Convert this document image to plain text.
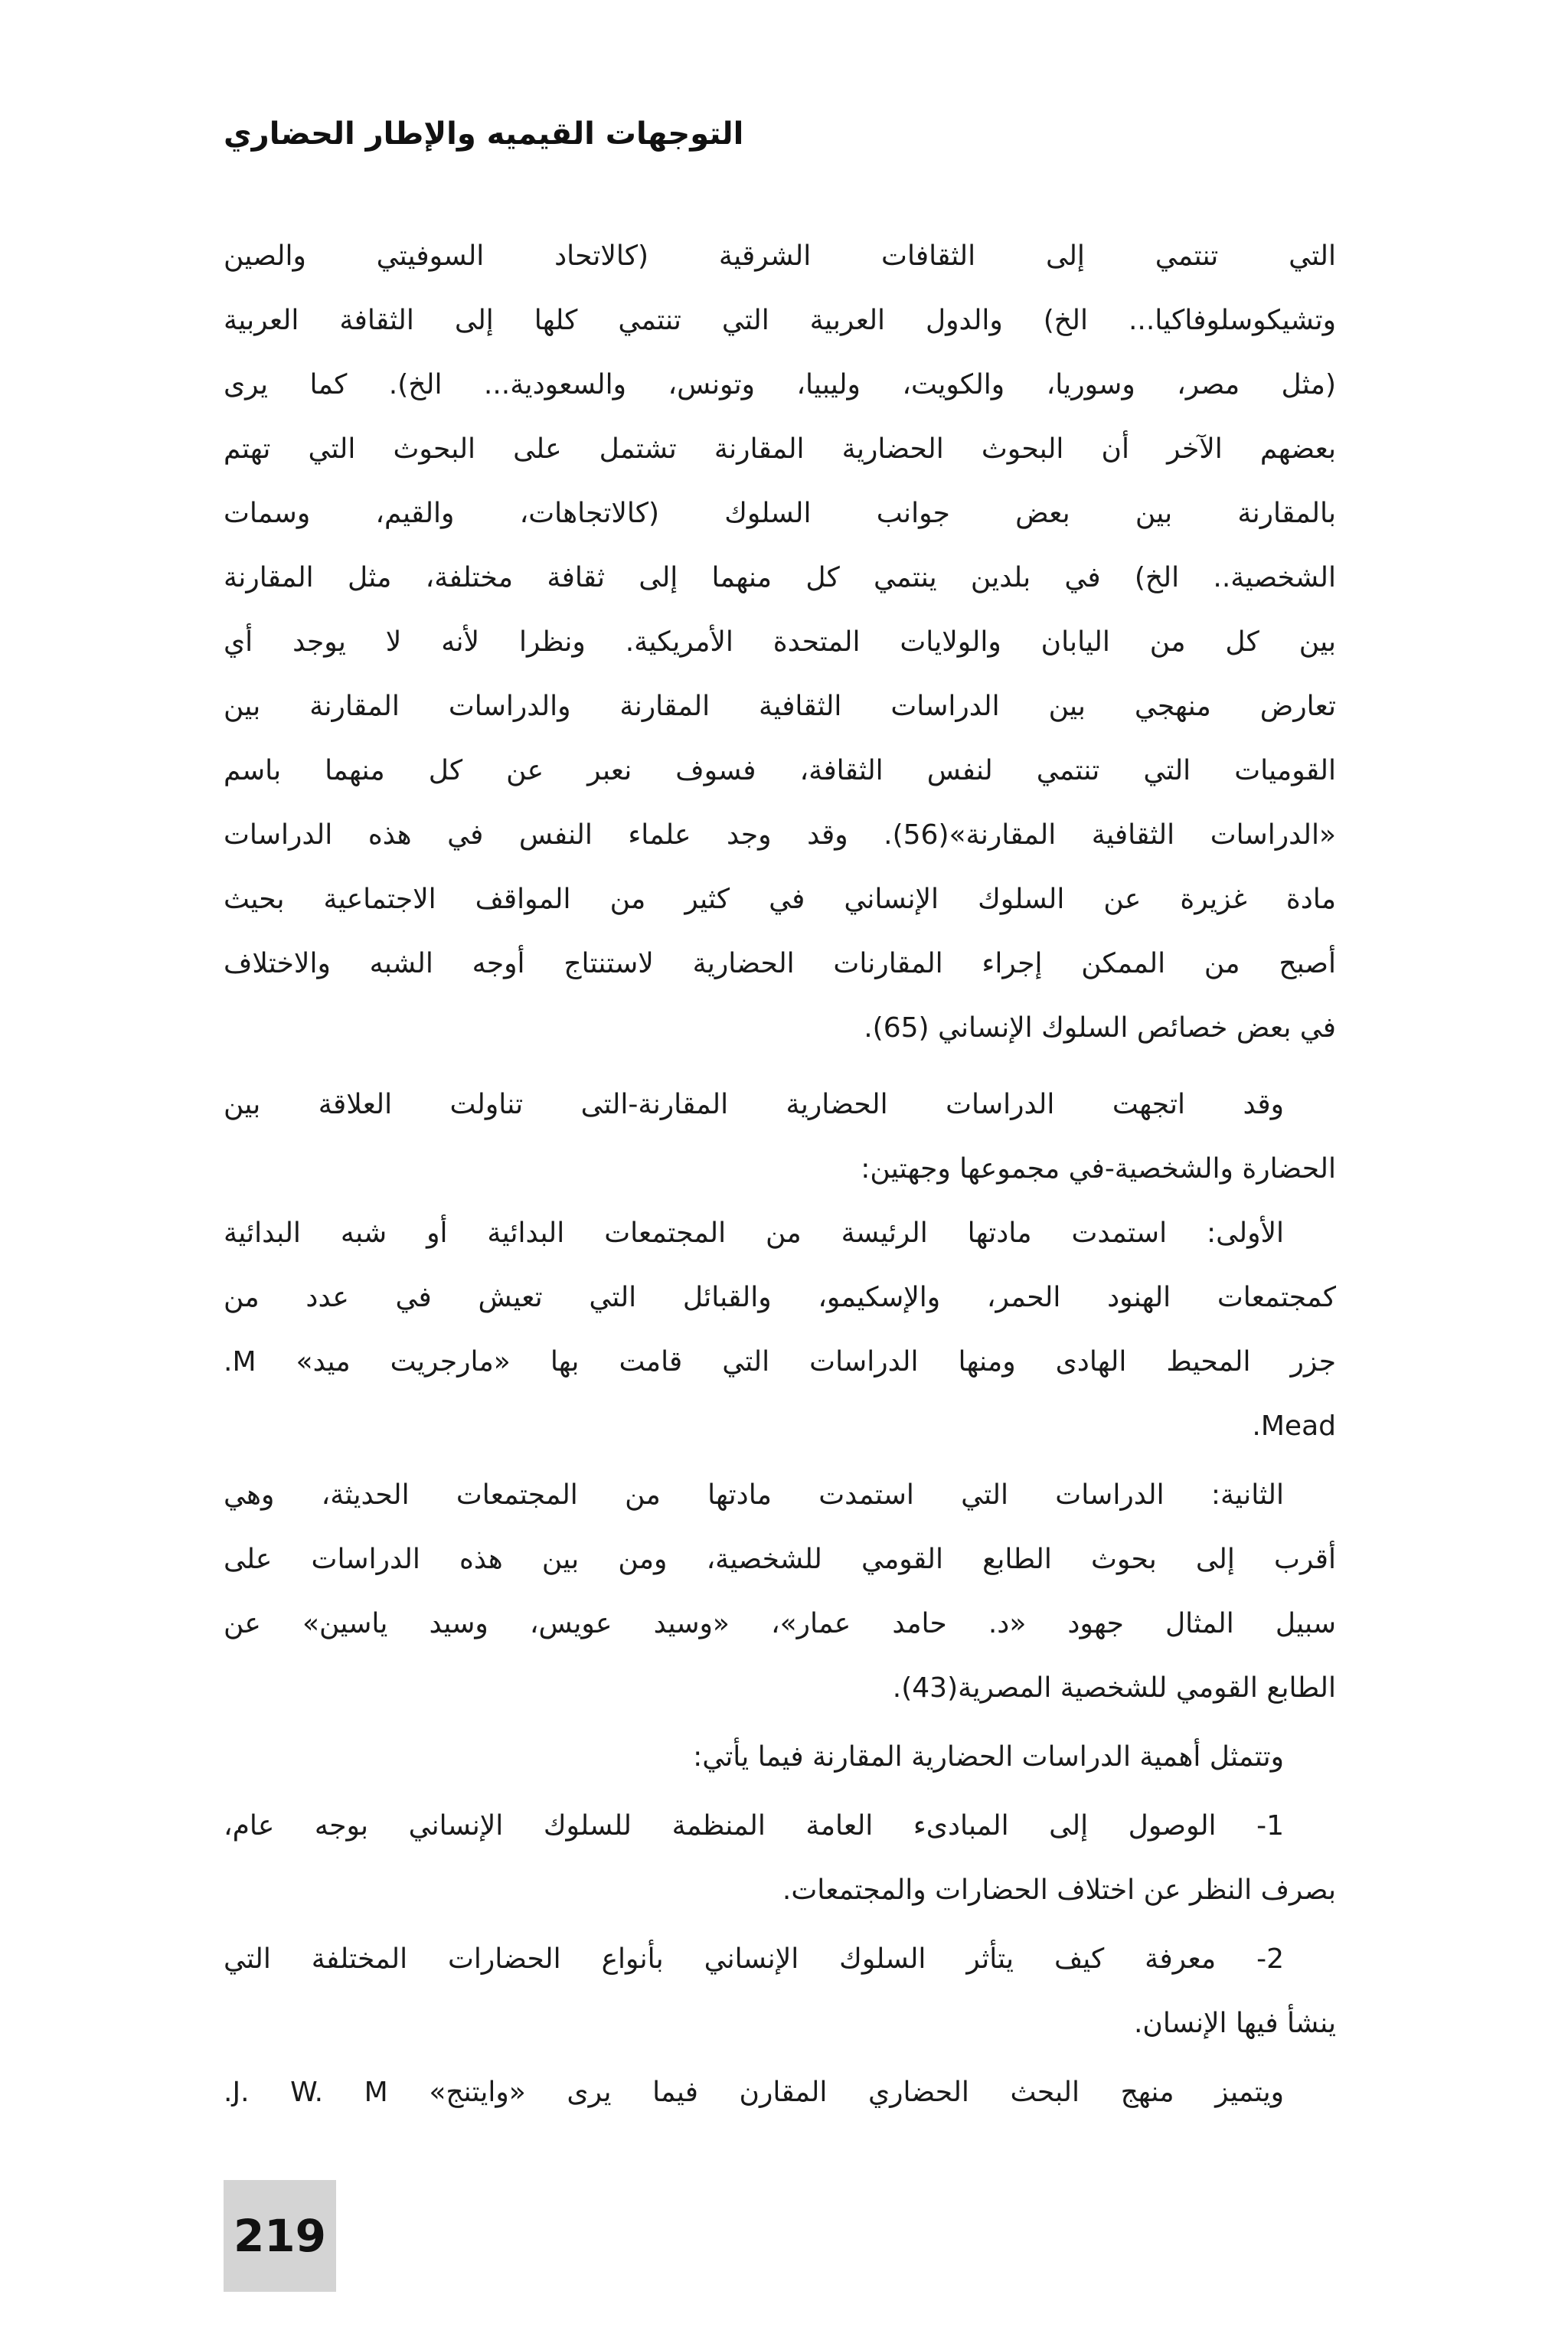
التوجهات القيميه والإطار الحضاري
التي تنتمي إلى الثقافات الشرقية (كالاتحاد السوفيتي والصين
وتشيكوسلوفاكيا... الخ) والدول العربية التي تنتمي كلها إلى الثقافة العربية
(مثل مصر، وسوريا، والكويت، وليبيا، وتونس، والسعودية... الخ). كما يرى
بعضهم الآخر أن البحوث الحضارية المقارنة تشتمل على البحوث التي تهتم
بالمقارنة بين بعض جوانب السلوك (كالاتجاهات، والقيم، وسمات
الشخصية.. الخ) في بلدين ينتمي كل منهما إلى ثقافة مختلفة، مثل المقارنة
بين كل من اليابان والولايات المتحدة الأمريكية. ونظرا لأنه لا يوجد أي
تعارض منهجي بين الدراسات الثقافية المقارنة والدراسات المقارنة بين
القوميات التي تنتمي لنفس الثقافة، فسوف نعبر عن كل منهما باسم
«الدراسات الثقافية المقارنة»(56). وقد وجد علماء النفس في هذه الدراسات
مادة غزيرة عن السلوك الإنساني في كثير من المواقف الاجتماعية بحيث
أصبح من الممكن إجراء المقارنات الحضارية لاستنتاج أوجه الشبه والاختلاف
في بعض خصائص السلوك الإنساني (65).
وقد اتجهت الدراسات الحضارية المقارنة-التى تناولت العلاقة بين
الحضارة والشخصية-في مجموعها وجهتين:
الأولى: استمدت مادتها الرئيسة من المجتمعات البدائية أو شبه البدائية
كمجتمعات الهنود الحمر، والإسكيمو، والقبائل التي تعيش في عدد من
جزر المحيط الهادى ومنها الدراسات التي قامت بها «مارجريت ميد» M.
Mead.
الثانية: الدراسات التي استمدت مادتها من المجتمعات الحديثة، وهي
أقرب إلى بحوث الطابع القومي للشخصية، ومن بين هذه الدراسات على
سبيل المثال جهود «د. حامد عمار»، «وسيد عويس، وسيد ياسين» عن
الطابع القومي للشخصية المصرية(43).
وتتمثل أهمية الدراسات الحضارية المقارنة فيما يأتي:
1- الوصول إلى المبادىء العامة المنظمة للسلوك الإنساني بوجه عام،
بصرف النظر عن اختلاف الحضارات والمجتمعات.
2- معرفة كيف يتأثر السلوك الإنساني بأنواع الحضارات المختلفة التي
ينشأ فيها الإنسان.
ويتميز منهج البحث الحضاري المقارن فيما يرى «وايتنج» J. W. M.
219
